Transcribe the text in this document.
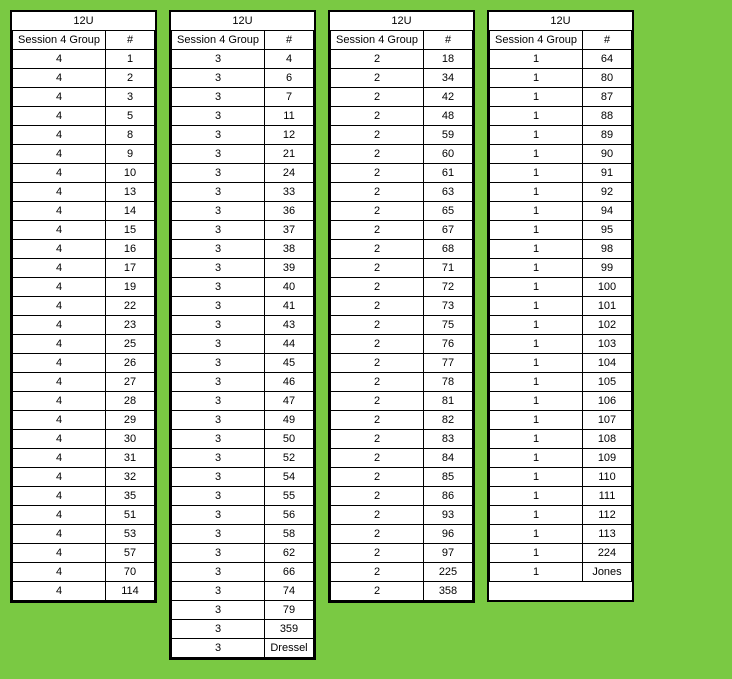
12U	
Session 4 Group	#
4	1
4	2
4	3
4	5
4	8
4	9
4	10
4	13
4	14
4	15
4	16
4	17
4	19
4	22
4	23
4	25
4	26
4	27
4	28
4	29
4	30
4	31
4	32
4	35
4	51
4	53
4	57
4	70
4	114
12U	
Session 4 Group	#
3	4
3	6
3	7
3	11
3	12
3	21
3	24
3	33
3	36
3	37
3	38
3	39
3	40
3	41
3	43
3	44
3	45
3	46
3	47
3	49
3	50
3	52
3	54
3	55
3	56
3	58
3	62
3	66
3	74
3	79
3	359
3	Dressel
12U	
Session 4 Group	#
2	18
2	34
2	42
2	48
2	59
2	60
2	61
2	63
2	65
2	67
2	68
2	71
2	72
2	73
2	75
2	76
2	77
2	78
2	81
2	82
2	83
2	84
2	85
2	86
2	93
2	96
2	97
2	225
2	358
12U	
Session 4 Group	#
1	64
1	80
1	87
1	88
1	89
1	90
1	91
1	92
1	94
1	95
1	98
1	99
1	100
1	101
1	102
1	103
1	104
1	105
1	106
1	107
1	108
1	109
1	110
1	111
1	112
1	113
1	224
1	Jones
